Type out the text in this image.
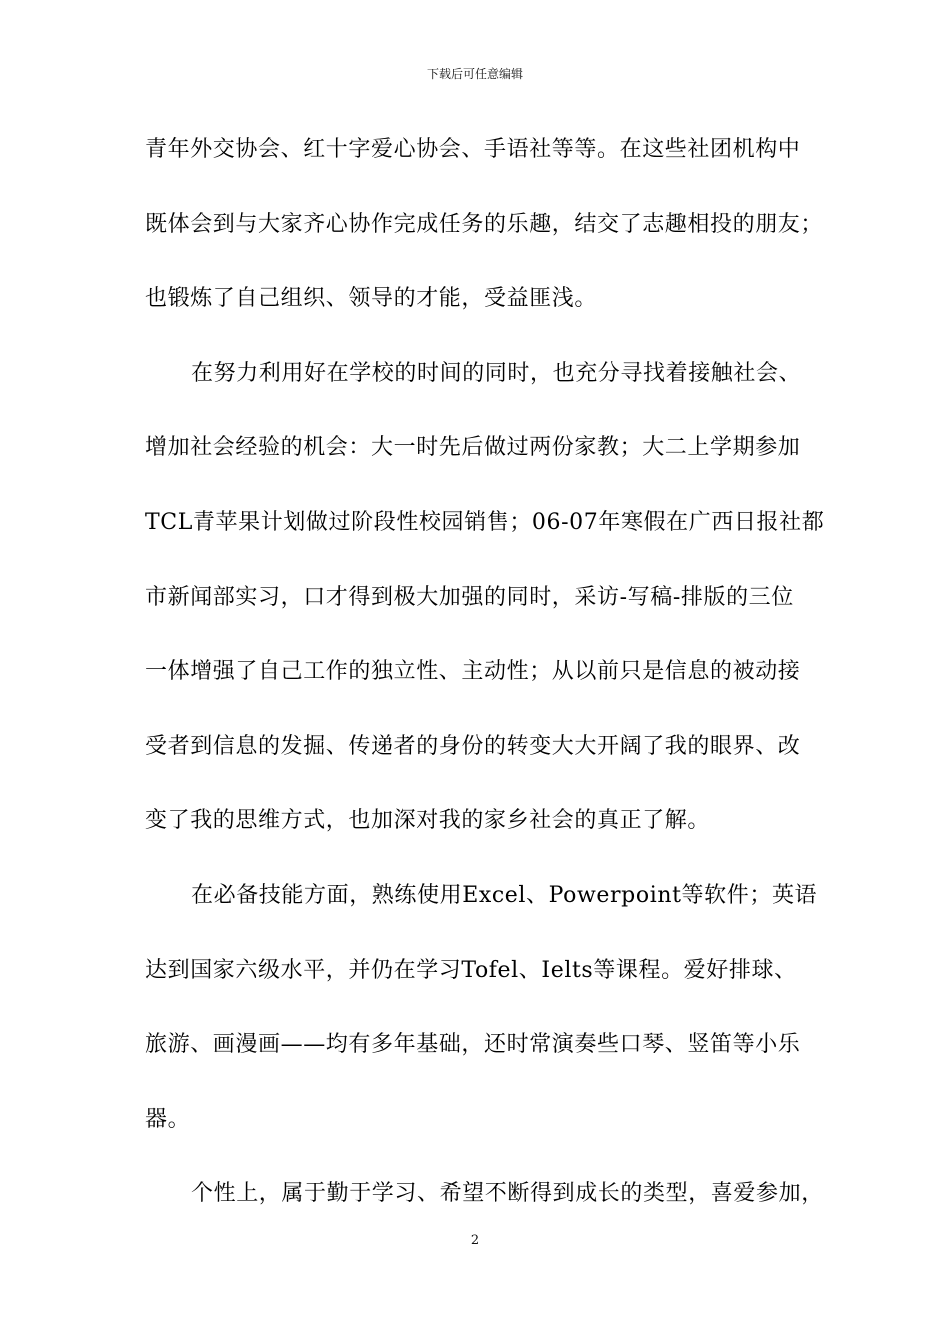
下载后可任意编辑
青年外交协会、红十字爱心协会、手语社等等。在这些社团机构中
既体会到与大家齐心协作完成任务的乐趣，结交了志趣相投的朋友；
也锻炼了自己组织、领导的才能，受益匪浅。
在努力利用好在学校的时间的同时，也充分寻找着接触社会、
增加社会经验的机会：大一时先后做过两份家教；大二上学期参加
TCL青苹果计划做过阶段性校园销售；06-07年寒假在广西日报社都
市新闻部实习，口才得到极大加强的同时，采访-写稿-排版的三位
一体增强了自己工作的独立性、主动性；从以前只是信息的被动接
受者到信息的发掘、传递者的身份的转变大大开阔了我的眼界、改
变了我的思维方式，也加深对我的家乡社会的真正了解。
在必备技能方面，熟练使用Excel、Powerpoint等软件；英语
达到国家六级水平，并仍在学习Tofel、Ielts等课程。爱好排球、
旅游、画漫画——均有多年基础，还时常演奏些口琴、竖笛等小乐
器。
个性上，属于勤于学习、希望不断得到成长的类型，喜爱参加，
2
